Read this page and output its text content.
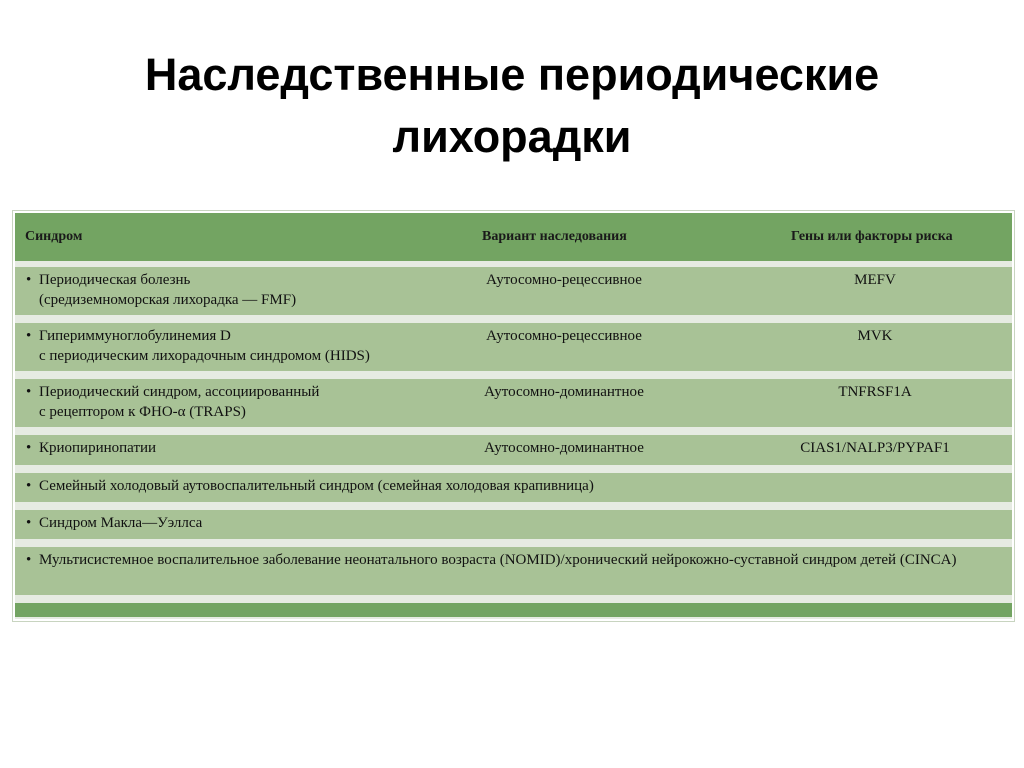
Наследственные периодические
лихорадки
Синдром	Вариант наследования	Гены или факторы риска
• Периодическая болезнь
(средиземноморская лихорадка — FMF)
Аутосомно-рецессивное	MEFV
• Гипериммуноглобулинемия D
с периодическим лихорадочным синдромом (HIDS)
Аутосомно-рецессивное	MVK
• Периодический синдром, ассоциированный
с рецептором к ФНО-α (TRAPS)
Аутосомно-доминантное	TNFRSF1A
• Криопиринопатии	Аутосомно-доминантное	CIAS1/NALP3/PYPAF1
• Семейный холодовый аутовоспалительный синдром (семейная холодовая крапивница)
• Синдром Макла—Уэллса
• Мультисистемное воспалительное заболевание неонатального возраста (NOMID)/хронический нейрокожно-суставной синдром детей (CINCA)
